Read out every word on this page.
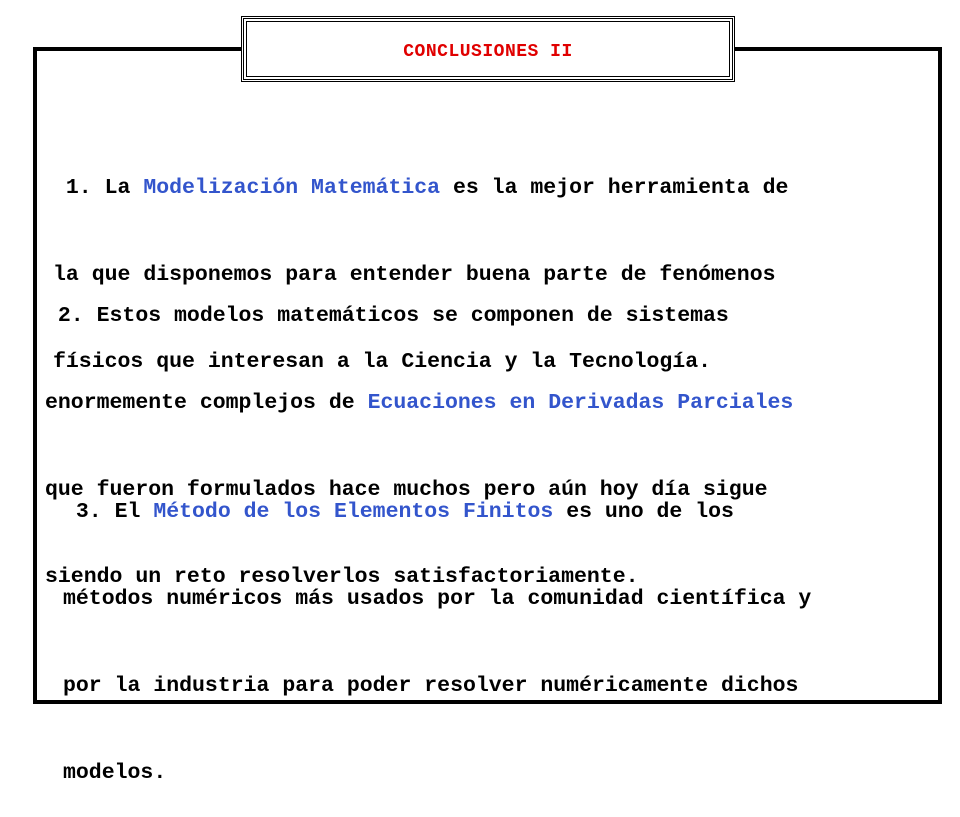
CONCLUSIONES II

1. La Modelización Matemática es la mejor herramienta de

la que disponemos para entender buena parte de fenómenos

físicos que interesan a la Ciencia y la Tecnología.

2. Estos modelos matemáticos se componen de sistemas

enormemente complejos de Ecuaciones en Derivadas Parciales

que fueron formulados hace muchos pero aún hoy día sigue

siendo un reto resolverlos satisfactoriamente.

3. El Método de los Elementos Finitos es uno de los

métodos numéricos más usados por la comunidad científica y

por la industria para poder resolver numéricamente dichos

modelos.
